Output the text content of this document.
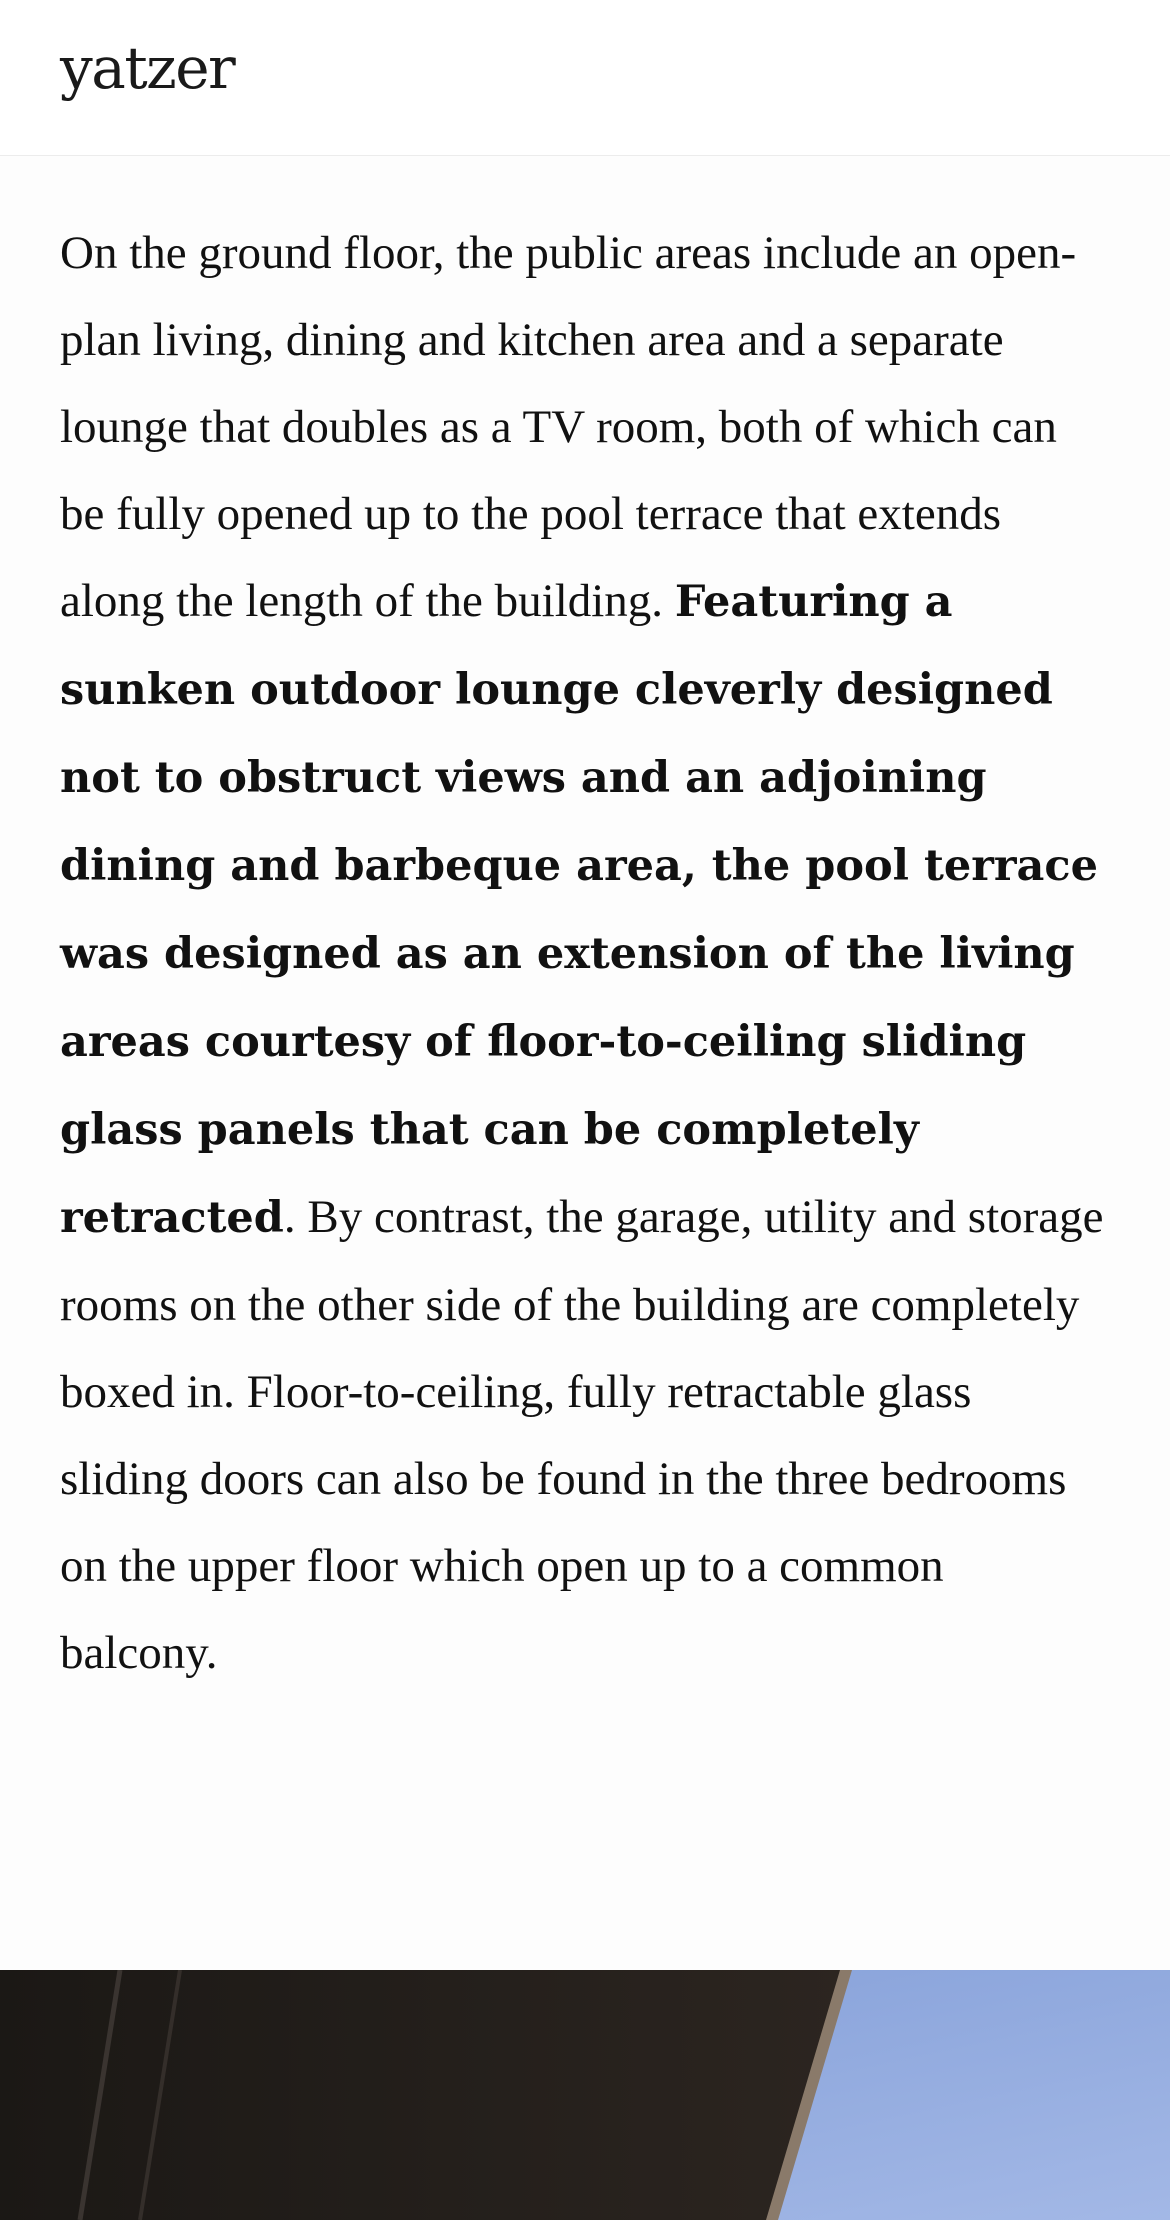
yatzer

On the ground floor, the public areas include an open-plan living, dining and kitchen area and a separate lounge that doubles as a TV room, both of which can be fully opened up to the pool terrace that extends along the length of the building. Featuring a sunken outdoor lounge cleverly designed not to obstruct views and an adjoining dining and barbeque area, the pool terrace was designed as an extension of the living areas courtesy of floor-to-ceiling sliding glass panels that can be completely retracted. By contrast, the garage, utility and storage rooms on the other side of the building are completely boxed in. Floor-to-ceiling, fully retractable glass sliding doors can also be found in the three bedrooms on the upper floor which open up to a common balcony.
